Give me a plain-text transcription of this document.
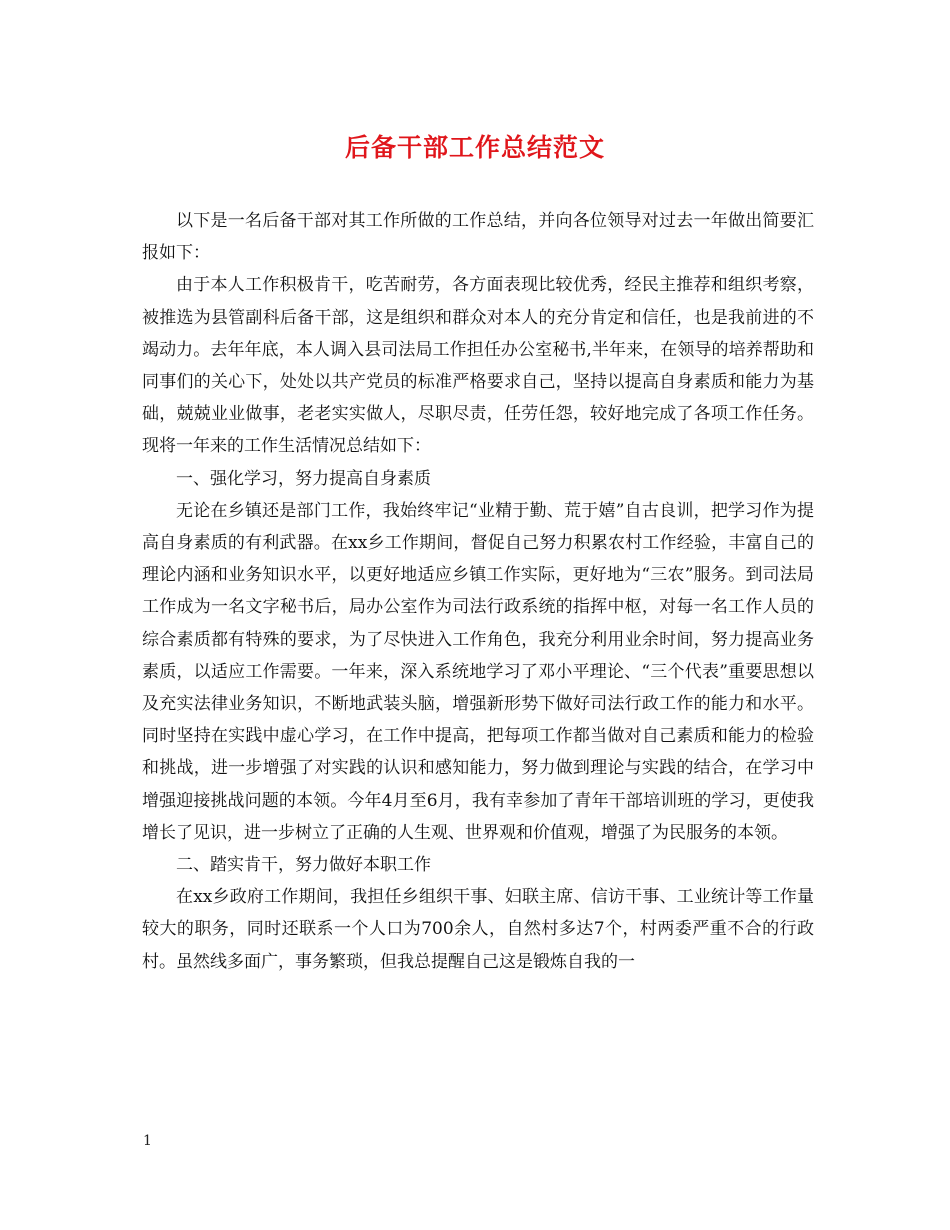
后备干部工作总结范文

以下是一名后备干部对其工作所做的工作总结，并向各位领导对过去一年做出简要汇报如下：

由于本人工作积极肯干，吃苦耐劳，各方面表现比较优秀，经民主推荐和组织考察，被推选为县管副科后备干部，这是组织和群众对本人的充分肯定和信任，也是我前进的不竭动力。去年年底，本人调入县司法局工作担任办公室秘书,半年来，在领导的培养帮助和同事们的关心下，处处以共产党员的标准严格要求自己，坚持以提高自身素质和能力为基础，兢兢业业做事，老老实实做人，尽职尽责，任劳任怨，较好地完成了各项工作任务。现将一年来的工作生活情况总结如下：

一、强化学习，努力提高自身素质

无论在乡镇还是部门工作，我始终牢记“业精于勤、荒于嬉”自古良训，把学习作为提高自身素质的有利武器。在xx乡工作期间，督促自己努力积累农村工作经验，丰富自己的理论内涵和业务知识水平，以更好地适应乡镇工作实际，更好地为“三农”服务。到司法局工作成为一名文字秘书后，局办公室作为司法行政系统的指挥中枢，对每一名工作人员的综合素质都有特殊的要求，为了尽快进入工作角色，我充分利用业余时间，努力提高业务素质，以适应工作需要。一年来，深入系统地学习了邓小平理论、“三个代表”重要思想以及充实法律业务知识，不断地武装头脑，增强新形势下做好司法行政工作的能力和水平。同时坚持在实践中虚心学习，在工作中提高，把每项工作都当做对自己素质和能力的检验和挑战，进一步增强了对实践的认识和感知能力，努力做到理论与实践的结合，在学习中增强迎接挑战问题的本领。今年4月至6月，我有幸参加了青年干部培训班的学习，更使我增长了见识，进一步树立了正确的人生观、世界观和价值观，增强了为民服务的本领。

二、踏实肯干，努力做好本职工作

在xx乡政府工作期间，我担任乡组织干事、妇联主席、信访干事、工业统计等工作量较大的职务，同时还联系一个人口为700余人，自然村多达7个，村两委严重不合的行政村。虽然线多面广，事务繁琐，但我总提醒自己这是锻炼自我的一

1
